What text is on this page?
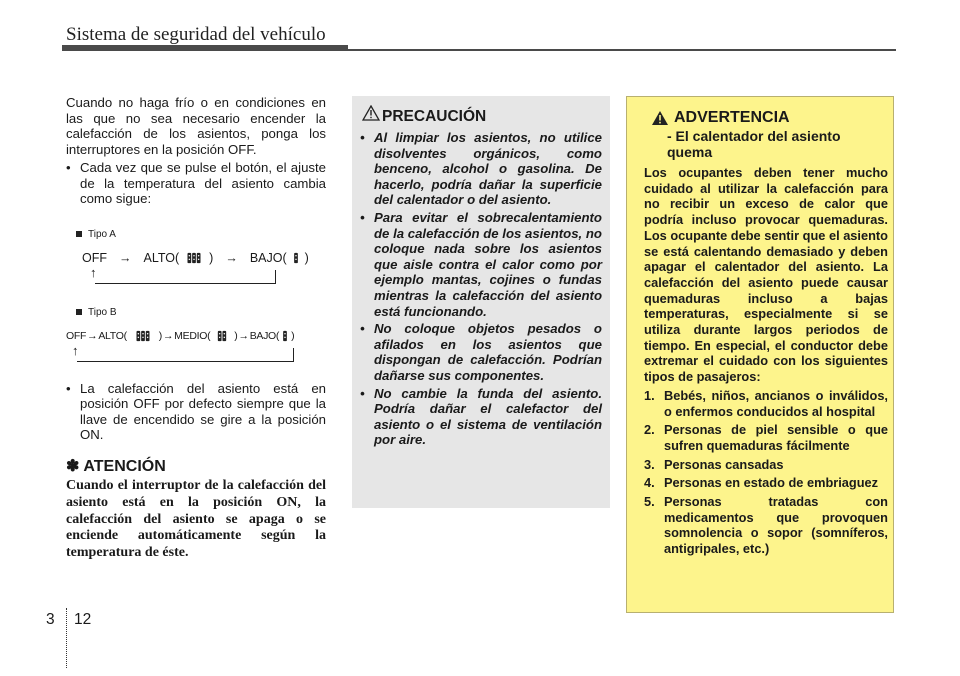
Sistema de seguridad del vehículo

Cuando no haga frío o en condiciones en las que no sea necesario encender la calefacción de los asientos, ponga los interruptores en la posición OFF.

• Cada vez que se pulse el botón, el ajuste de la temperatura del asiento cambia como sigue:
Tipo A
OFF → ALTO( ) → BAJO( )
↑
Tipo B
OFF → ALTO(	) → MEDIO( ) → BAJO( )
↑
• La calefacción del asiento está en posición OFF por defecto siempre que la llave de encendido se gire a la posición ON.
✽ ATENCIÓN
Cuando el interruptor de la calefacción del asiento está en la posición ON, la calefacción del asiento se apaga o se enciende automáticamente según la temperatura de éste.
PRECAUCIÓN
• Al limpiar los asientos, no utilice disolventes orgánicos, como benceno, alcohol o gasolina. De hacerlo, podría dañar la superficie del calentador o del asiento.
• Para evitar el sobrecalentamiento de la calefacción de los asientos, no coloque nada sobre los asientos que aisle contra el calor como por ejemplo mantas, cojines o fundas mientras la calefacción del asiento está funcionando.
• No coloque objetos pesados o afilados en los asientos que dispongan de calefacción. Podrían dañarse sus componentes.
• No cambie la funda del asiento. Podría dañar el calefactor del asiento o el sistema de ventilación por aire.
ADVERTENCIA
- El calentador del asiento quema

Los ocupantes deben tener mucho cuidado al utilizar la calefacción para no recibir un exceso de calor que podría incluso provocar quemaduras. Los ocupante debe sentir que el asiento se está calentando demasiado y deben apagar el calentador del asiento. La calefacción del asiento puede causar quemaduras incluso a bajas temperaturas, especialmente si se utiliza durante largos periodos de tiempo. En especial, el conductor debe extremar el cuidado con los siguientes tipos de pasajeros:

1. Bebés, niños, ancianos o inválidos, o enfermos conducidos al hospital
2. Personas de piel sensible o que sufren quemaduras fácilmente
3. Personas cansadas
4. Personas en estado de embriaguez
5. Personas tratadas con medicamentos que provoquen somnolencia o sopor (somníferos, antigripales, etc.)
3 12
